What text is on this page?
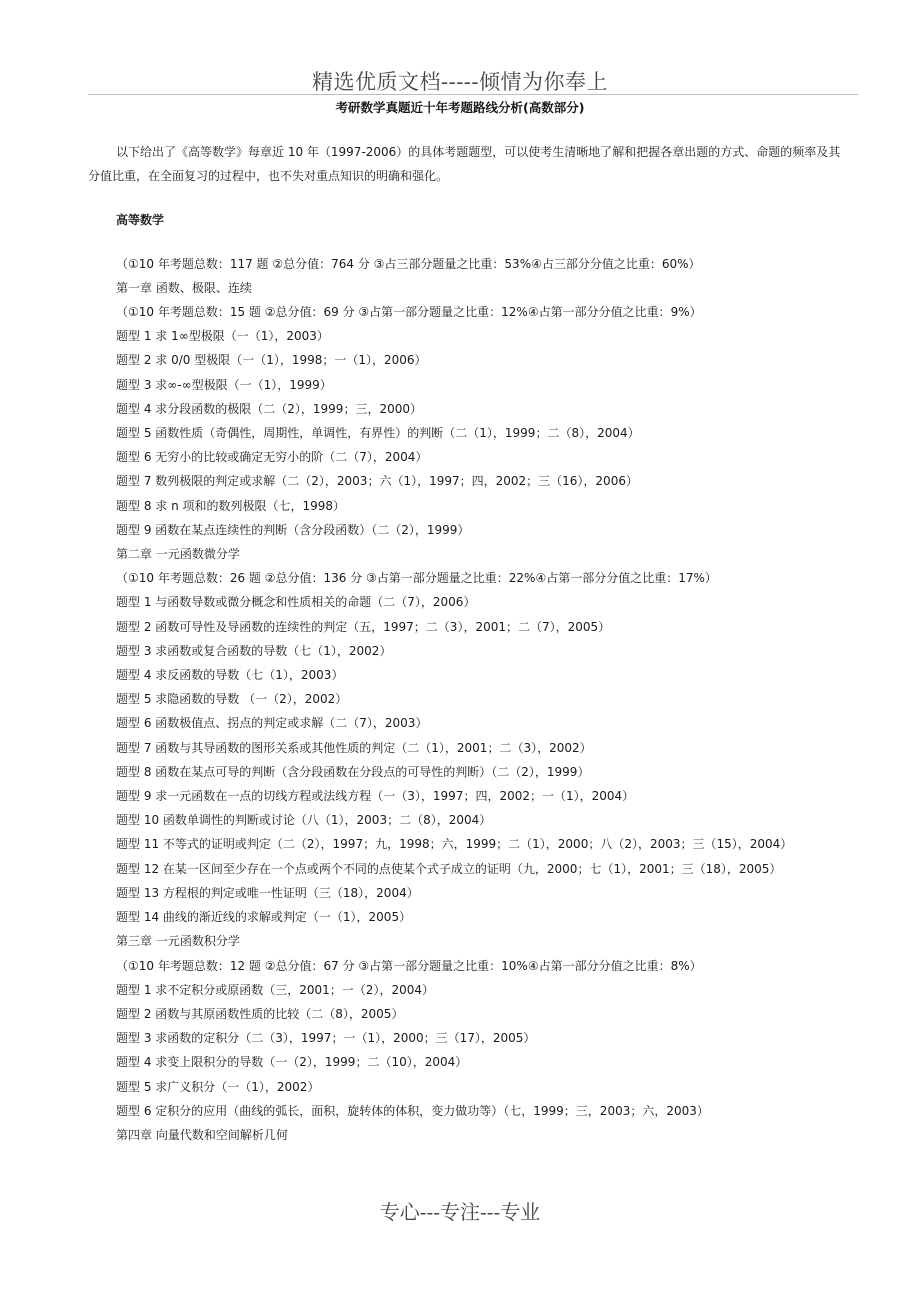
精选优质文档-----倾情为你奉上
考研数学真题近十年考题路线分析(高数部分)

以下给出了《高等数学》每章近 10 年（1997-2006）的具体考题题型，可以使考生清晰地了解和把握各章出题的方式、命题的频率及其分值比重，在全面复习的过程中，也不失对重点知识的明确和强化。

高等数学

（①10 年考题总数：117 题 ②总分值：764 分 ③占三部分题量之比重：53%④占三部分分值之比重：60%）

第一章 函数、极限、连续

（①10 年考题总数：15 题 ②总分值：69 分 ③占第一部分题量之比重：12%④占第一部分分值之比重：9%）

题型 1 求 1∞型极限（一（1），2003）

题型 2 求 0/0 型极限（一（1），1998；一（1），2006）

题型 3 求∞-∞型极限（一（1），1999）

题型 4 求分段函数的极限（二（2），1999；三，2000）

题型 5 函数性质（奇偶性，周期性，单调性，有界性）的判断（二（1），1999；二（8），2004）

题型 6 无穷小的比较或确定无穷小的阶（二（7），2004）

题型 7 数列极限的判定或求解（二（2），2003；六（1），1997；四，2002；三（16），2006）

题型 8 求 n 项和的数列极限（七，1998）

题型 9 函数在某点连续性的判断（含分段函数）（二（2），1999）

第二章 一元函数微分学

（①10 年考题总数：26 题 ②总分值：136 分 ③占第一部分题量之比重：22%④占第一部分分值之比重：17%）

题型 1 与函数导数或微分概念和性质相关的命题（二（7），2006）

题型 2 函数可导性及导函数的连续性的判定（五，1997；二（3），2001；二（7），2005）

题型 3 求函数或复合函数的导数（七（1），2002）

题型 4 求反函数的导数（七（1），2003）

题型 5 求隐函数的导数 （一（2），2002）

题型 6 函数极值点、拐点的判定或求解（二（7），2003）

题型 7 函数与其导函数的图形关系或其他性质的判定（二（1），2001；二（3），2002）

题型 8 函数在某点可导的判断（含分段函数在分段点的可导性的判断）（二（2），1999）

题型 9 求一元函数在一点的切线方程或法线方程（一（3），1997；四，2002；一（1），2004）

题型 10 函数单调性的判断或讨论（八（1），2003；二（8），2004）

题型 11 不等式的证明或判定（二（2），1997；九，1998；六，1999；二（1），2000；八（2），2003；三（15），2004）

题型 12 在某一区间至少存在一个点或两个不同的点使某个式子成立的证明（九，2000；七（1），2001；三（18），2005）

题型 13 方程根的判定或唯一性证明（三（18），2004）

题型 14 曲线的渐近线的求解或判定（一（1），2005）

第三章 一元函数积分学

（①10 年考题总数：12 题 ②总分值：67 分 ③占第一部分题量之比重：10%④占第一部分分值之比重：8%）

题型 1 求不定积分或原函数（三，2001；一（2），2004）

题型 2 函数与其原函数性质的比较（二（8），2005）

题型 3 求函数的定积分（二（3），1997；一（1），2000；三（17），2005）

题型 4 求变上限积分的导数（一（2），1999；二（10），2004）

题型 5 求广义积分（一（1），2002）

题型 6 定积分的应用（曲线的弧长，面积，旋转体的体积，变力做功等）（七，1999；三，2003；六，2003）

第四章 向量代数和空间解析几何

专心---专注---专业
